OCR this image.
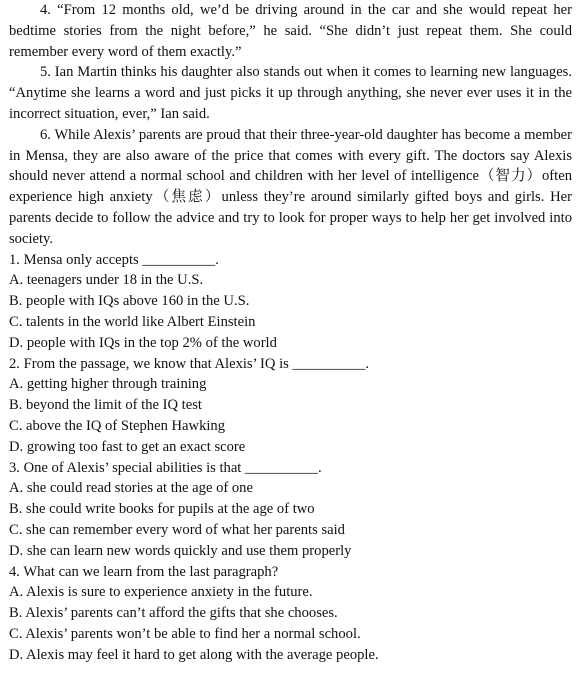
4. “From 12 months old, we’d be driving around in the car and she would repeat her bedtime stories from the night before,” he said. “She didn’t just repeat them. She could remember every word of them exactly.”

5. Ian Martin thinks his daughter also stands out when it comes to learning new languages. “Anytime she learns a word and just picks it up through anything, she never ever uses it in the incorrect situation, ever,” Ian said.

6. While Alexis’ parents are proud that their three-year-old daughter has become a member in Mensa, they are also aware of the price that comes with every gift. The doctors say Alexis should never attend a normal school and children with her level of intelligence（智力）often experience high anxiety（焦虑）unless they’re around similarly gifted boys and girls. Her parents decide to follow the advice and try to look for proper ways to help her get involved into society.

1. Mensa only accepts __________.

A. teenagers under 18 in the U.S.

B. people with IQs above 160 in the U.S.

C. talents in the world like Albert Einstein

D. people with IQs in the top 2% of the world

2. From the passage, we know that Alexis’ IQ is __________.

A. getting higher through training

B. beyond the limit of the IQ test

C. above the IQ of Stephen Hawking

D. growing too fast to get an exact score

3. One of Alexis’ special abilities is that __________.

A. she could read stories at the age of one

B. she could write books for pupils at the age of two

C. she can remember every word of what her parents said

D. she can learn new words quickly and use them properly

4. What can we learn from the last paragraph?

A. Alexis is sure to experience anxiety in the future.

B. Alexis’ parents can’t afford the gifts that she chooses.

C. Alexis’ parents won’t be able to find her a normal school.

D. Alexis may feel it hard to get along with the average people.
